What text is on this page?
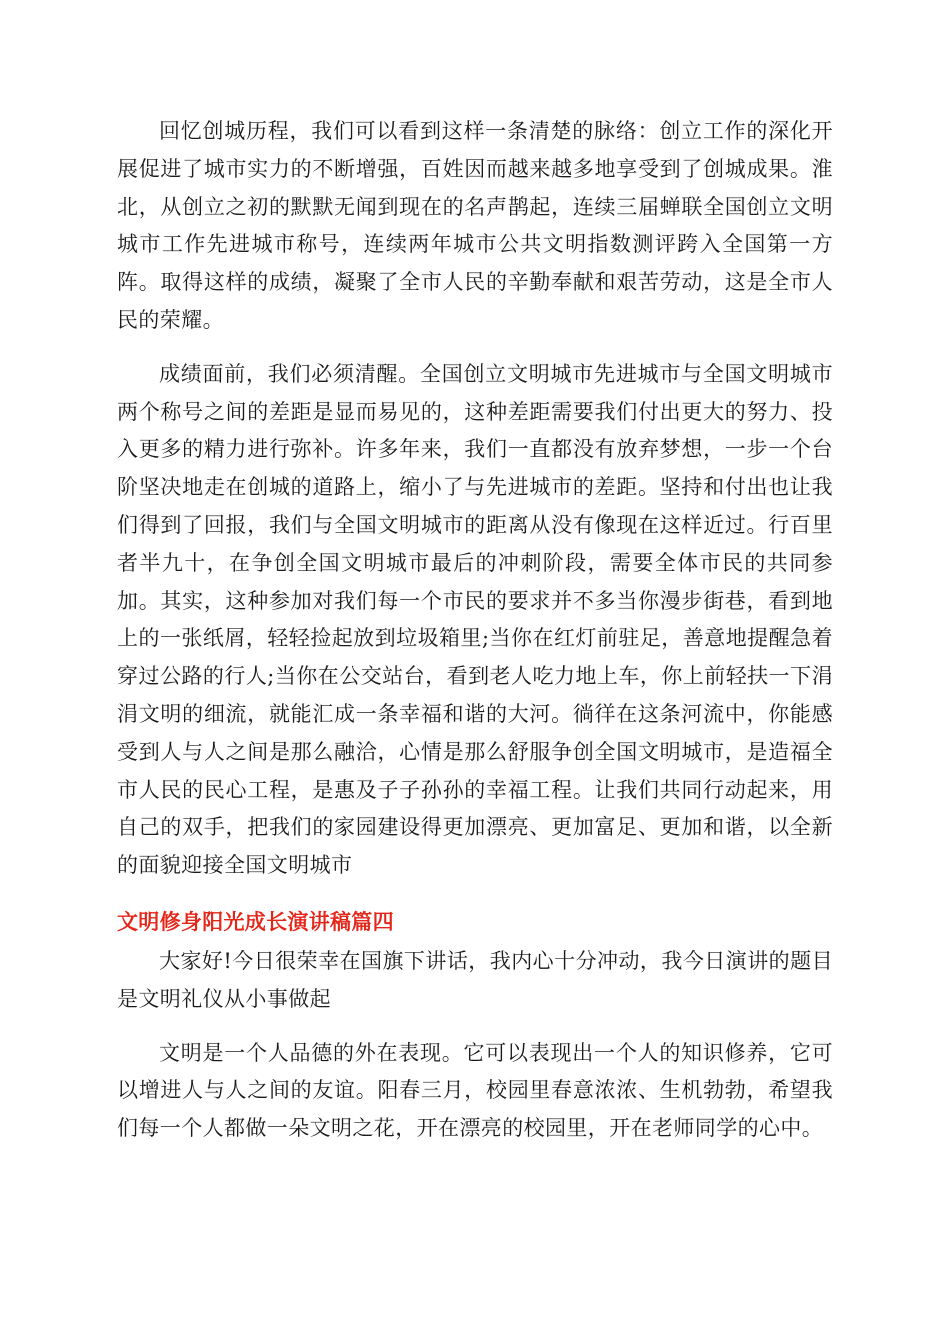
回忆创城历程，我们可以看到这样一条清楚的脉络：创立工作的深化开展促进了城市实力的不断增强，百姓因而越来越多地享受到了创城成果。淮北，从创立之初的默默无闻到现在的名声鹊起，连续三届蝉联全国创立文明城市工作先进城市称号，连续两年城市公共文明指数测评跨入全国第一方阵。取得这样的成绩，凝聚了全市人民的辛勤奉献和艰苦劳动，这是全市人民的荣耀。

成绩面前，我们必须清醒。全国创立文明城市先进城市与全国文明城市两个称号之间的差距是显而易见的，这种差距需要我们付出更大的努力、投入更多的精力进行弥补。许多年来，我们一直都没有放弃梦想，一步一个台阶坚决地走在创城的道路上，缩小了与先进城市的差距。坚持和付出也让我们得到了回报，我们与全国文明城市的距离从没有像现在这样近过。行百里者半九十，在争创全国文明城市最后的冲刺阶段，需要全体市民的共同参加。其实，这种参加对我们每一个市民的要求并不多当你漫步街巷，看到地上的一张纸屑，轻轻捡起放到垃圾箱里;当你在红灯前驻足，善意地提醒急着穿过公路的行人;当你在公交站台，看到老人吃力地上车，你上前轻扶一下涓涓文明的细流，就能汇成一条幸福和谐的大河。徜徉在这条河流中，你能感受到人与人之间是那么融洽，心情是那么舒服争创全国文明城市，是造福全市人民的民心工程，是惠及子子孙孙的幸福工程。让我们共同行动起来，用自己的双手，把我们的家园建设得更加漂亮、更加富足、更加和谐，以全新的面貌迎接全国文明城市

文明修身阳光成长演讲稿篇四

大家好!今日很荣幸在国旗下讲话，我内心十分冲动，我今日演讲的题目是文明礼仪从小事做起

文明是一个人品德的外在表现。它可以表现出一个人的知识修养，它可以增进人与人之间的友谊。阳春三月，校园里春意浓浓、生机勃勃，希望我们每一个人都做一朵文明之花，开在漂亮的校园里，开在老师同学的心中。
